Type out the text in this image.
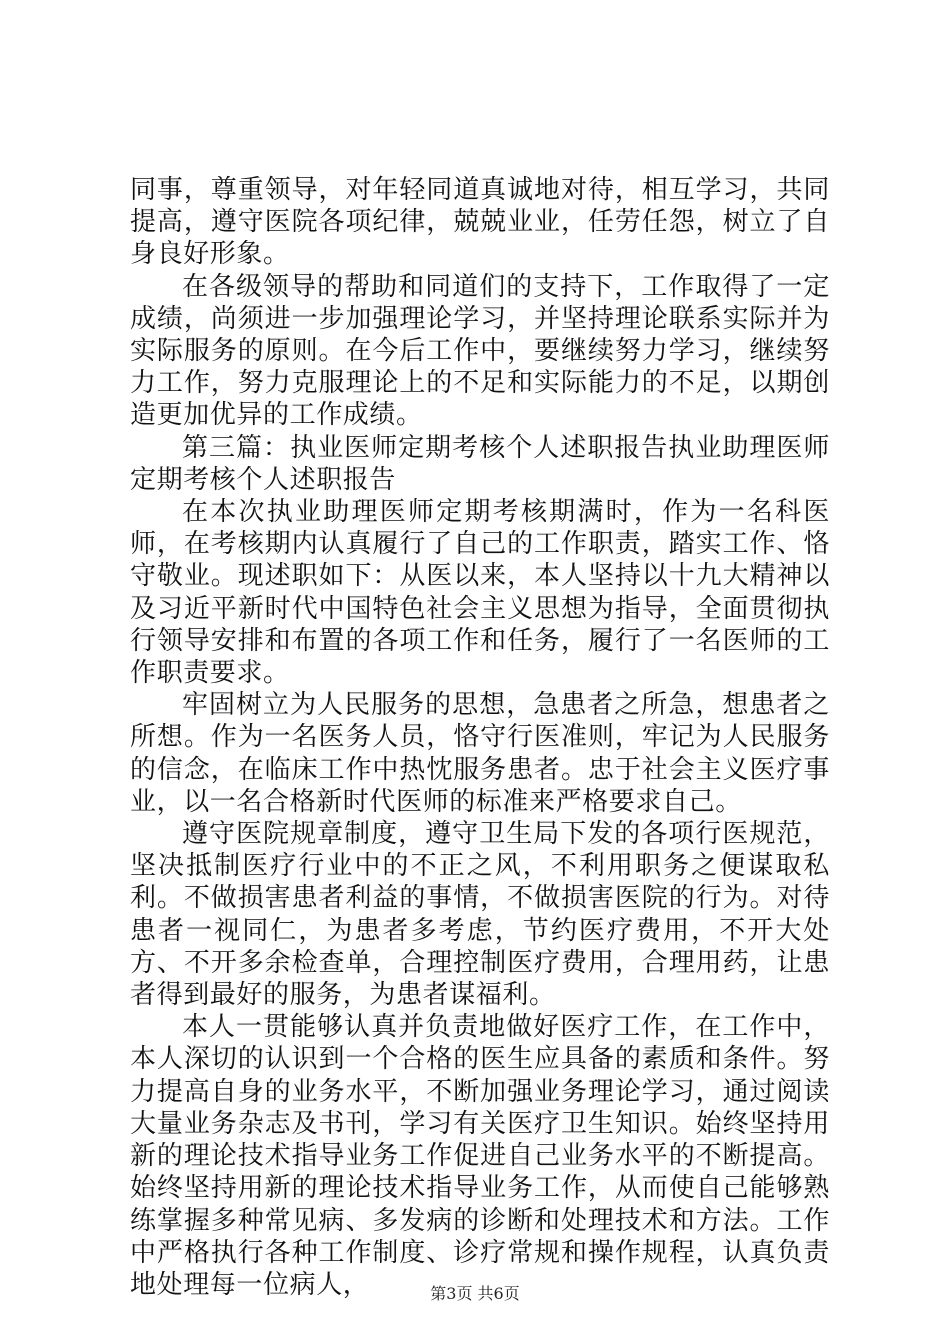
同事，尊重领导，对年轻同道真诚地对待，相互学习，共同提高，遵守医院各项纪律，兢兢业业，任劳任怨，树立了自身良好形象。

在各级领导的帮助和同道们的支持下，工作取得了一定成绩，尚须进一步加强理论学习，并坚持理论联系实际并为实际服务的原则。在今后工作中，要继续努力学习，继续努力工作，努力克服理论上的不足和实际能力的不足，以期创造更加优异的工作成绩。

第三篇：执业医师定期考核个人述职报告执业助理医师定期考核个人述职报告

在本次执业助理医师定期考核期满时，作为一名科医师，在考核期内认真履行了自己的工作职责，踏实工作、恪守敬业。现述职如下：从医以来，本人坚持以十九大精神以及习近平新时代中国特色社会主义思想为指导，全面贯彻执行领导安排和布置的各项工作和任务，履行了一名医师的工作职责要求。

牢固树立为人民服务的思想，急患者之所急，想患者之所想。作为一名医务人员，恪守行医准则，牢记为人民服务的信念，在临床工作中热忱服务患者。忠于社会主义医疗事业，以一名合格新时代医师的标准来严格要求自己。

遵守医院规章制度，遵守卫生局下发的各项行医规范，坚决抵制医疗行业中的不正之风，不利用职务之便谋取私利。不做损害患者利益的事情，不做损害医院的行为。对待患者一视同仁，为患者多考虑，节约医疗费用，不开大处方、不开多余检查单，合理控制医疗费用，合理用药，让患者得到最好的服务，为患者谋福利。

本人一贯能够认真并负责地做好医疗工作，在工作中，本人深切的认识到一个合格的医生应具备的素质和条件。努力提高自身的业务水平，不断加强业务理论学习，通过阅读大量业务杂志及书刊，学习有关医疗卫生知识。始终坚持用新的理论技术指导业务工作促进自己业务水平的不断提高。始终坚持用新的理论技术指导业务工作，从而使自己能够熟练掌握多种常见病、多发病的诊断和处理技术和方法。工作中严格执行各种工作制度、诊疗常规和操作规程，认真负责地处理每一位病人，	第3页 共6页
